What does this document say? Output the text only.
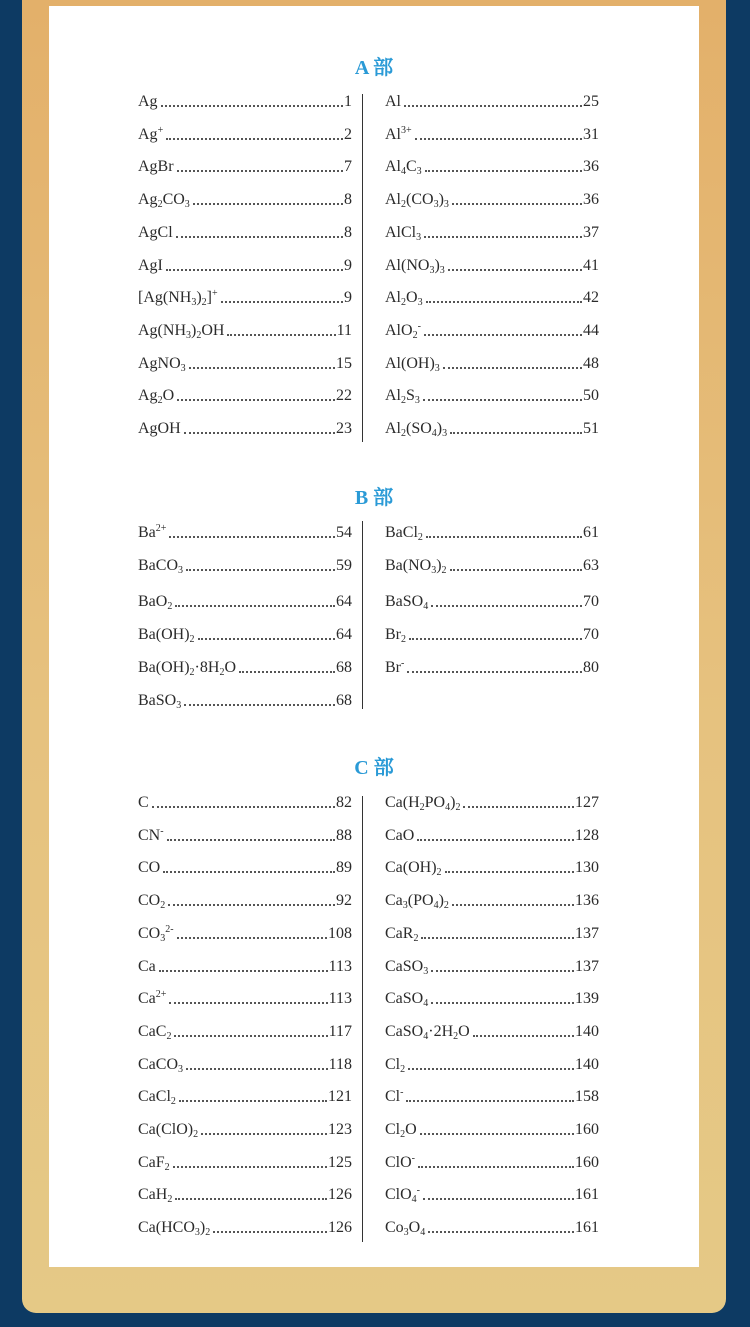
A 部
Ag	1
Ag+	2
AgBr	7
$Ag_2CO_3$	8
AgCl	8
AgI	9
$[Ag(NH_3)_2]^+$	9
$Ag(NH_3)_2OH$	11
AgNO$_3$	15
$Ag_2O$	22
AgOH	23
Al	25
$Al^{3+}$	31
$Al_4C_3$	36
$Al_2(CO_3)_3$	36
AlCl$_3$	37
$Al(NO_3)_3$	41
$Al_2O_3$	42
AlO$_2$-	44
$Al(OH)_3$	48
$Al_2S_3$	50
$Al_2(SO_4)_3$	51
B 部
$Ba^{2+}$	54
BaCO$_3$	59
BaO$_2$	64
$Ba(OH)_2$	64
$Ba(OH)_2\cdot 8H_2O$	68
BaSO$_3$	68
BaCl$_2$	61
$Ba(NO_3)_2$	63
BaSO$_4$	70
$Br_2$	70
Br-	80
C 部
C	82
CN-	88
CO	89
$CO_2$	92
$CO_3^{2-}$	108
Ca	113
$Ca^{2+}$	113
CaC$_2$	117
CaCO$_3$	118
CaCl$_2$	121
$Ca(ClO)_2$	123
CaF$_2$	125
CaH$_2$	126
$Ca(HCO_3)_2$	126
$Ca(H_2PO_4)_2$	127
CaO	128
$Ca(OH)_2$	130
$Ca_3(PO_4)_2$	136
CaR$_2$	137
CaSO$_3$	137
CaSO$_4$	139
$CaSO_4\cdot 2H_2O$	140
$Cl_2$	140
Cl-	158
$Cl_2O$	160
ClO-	160
ClO$_4$-	161
$Co_3O_4$	161
